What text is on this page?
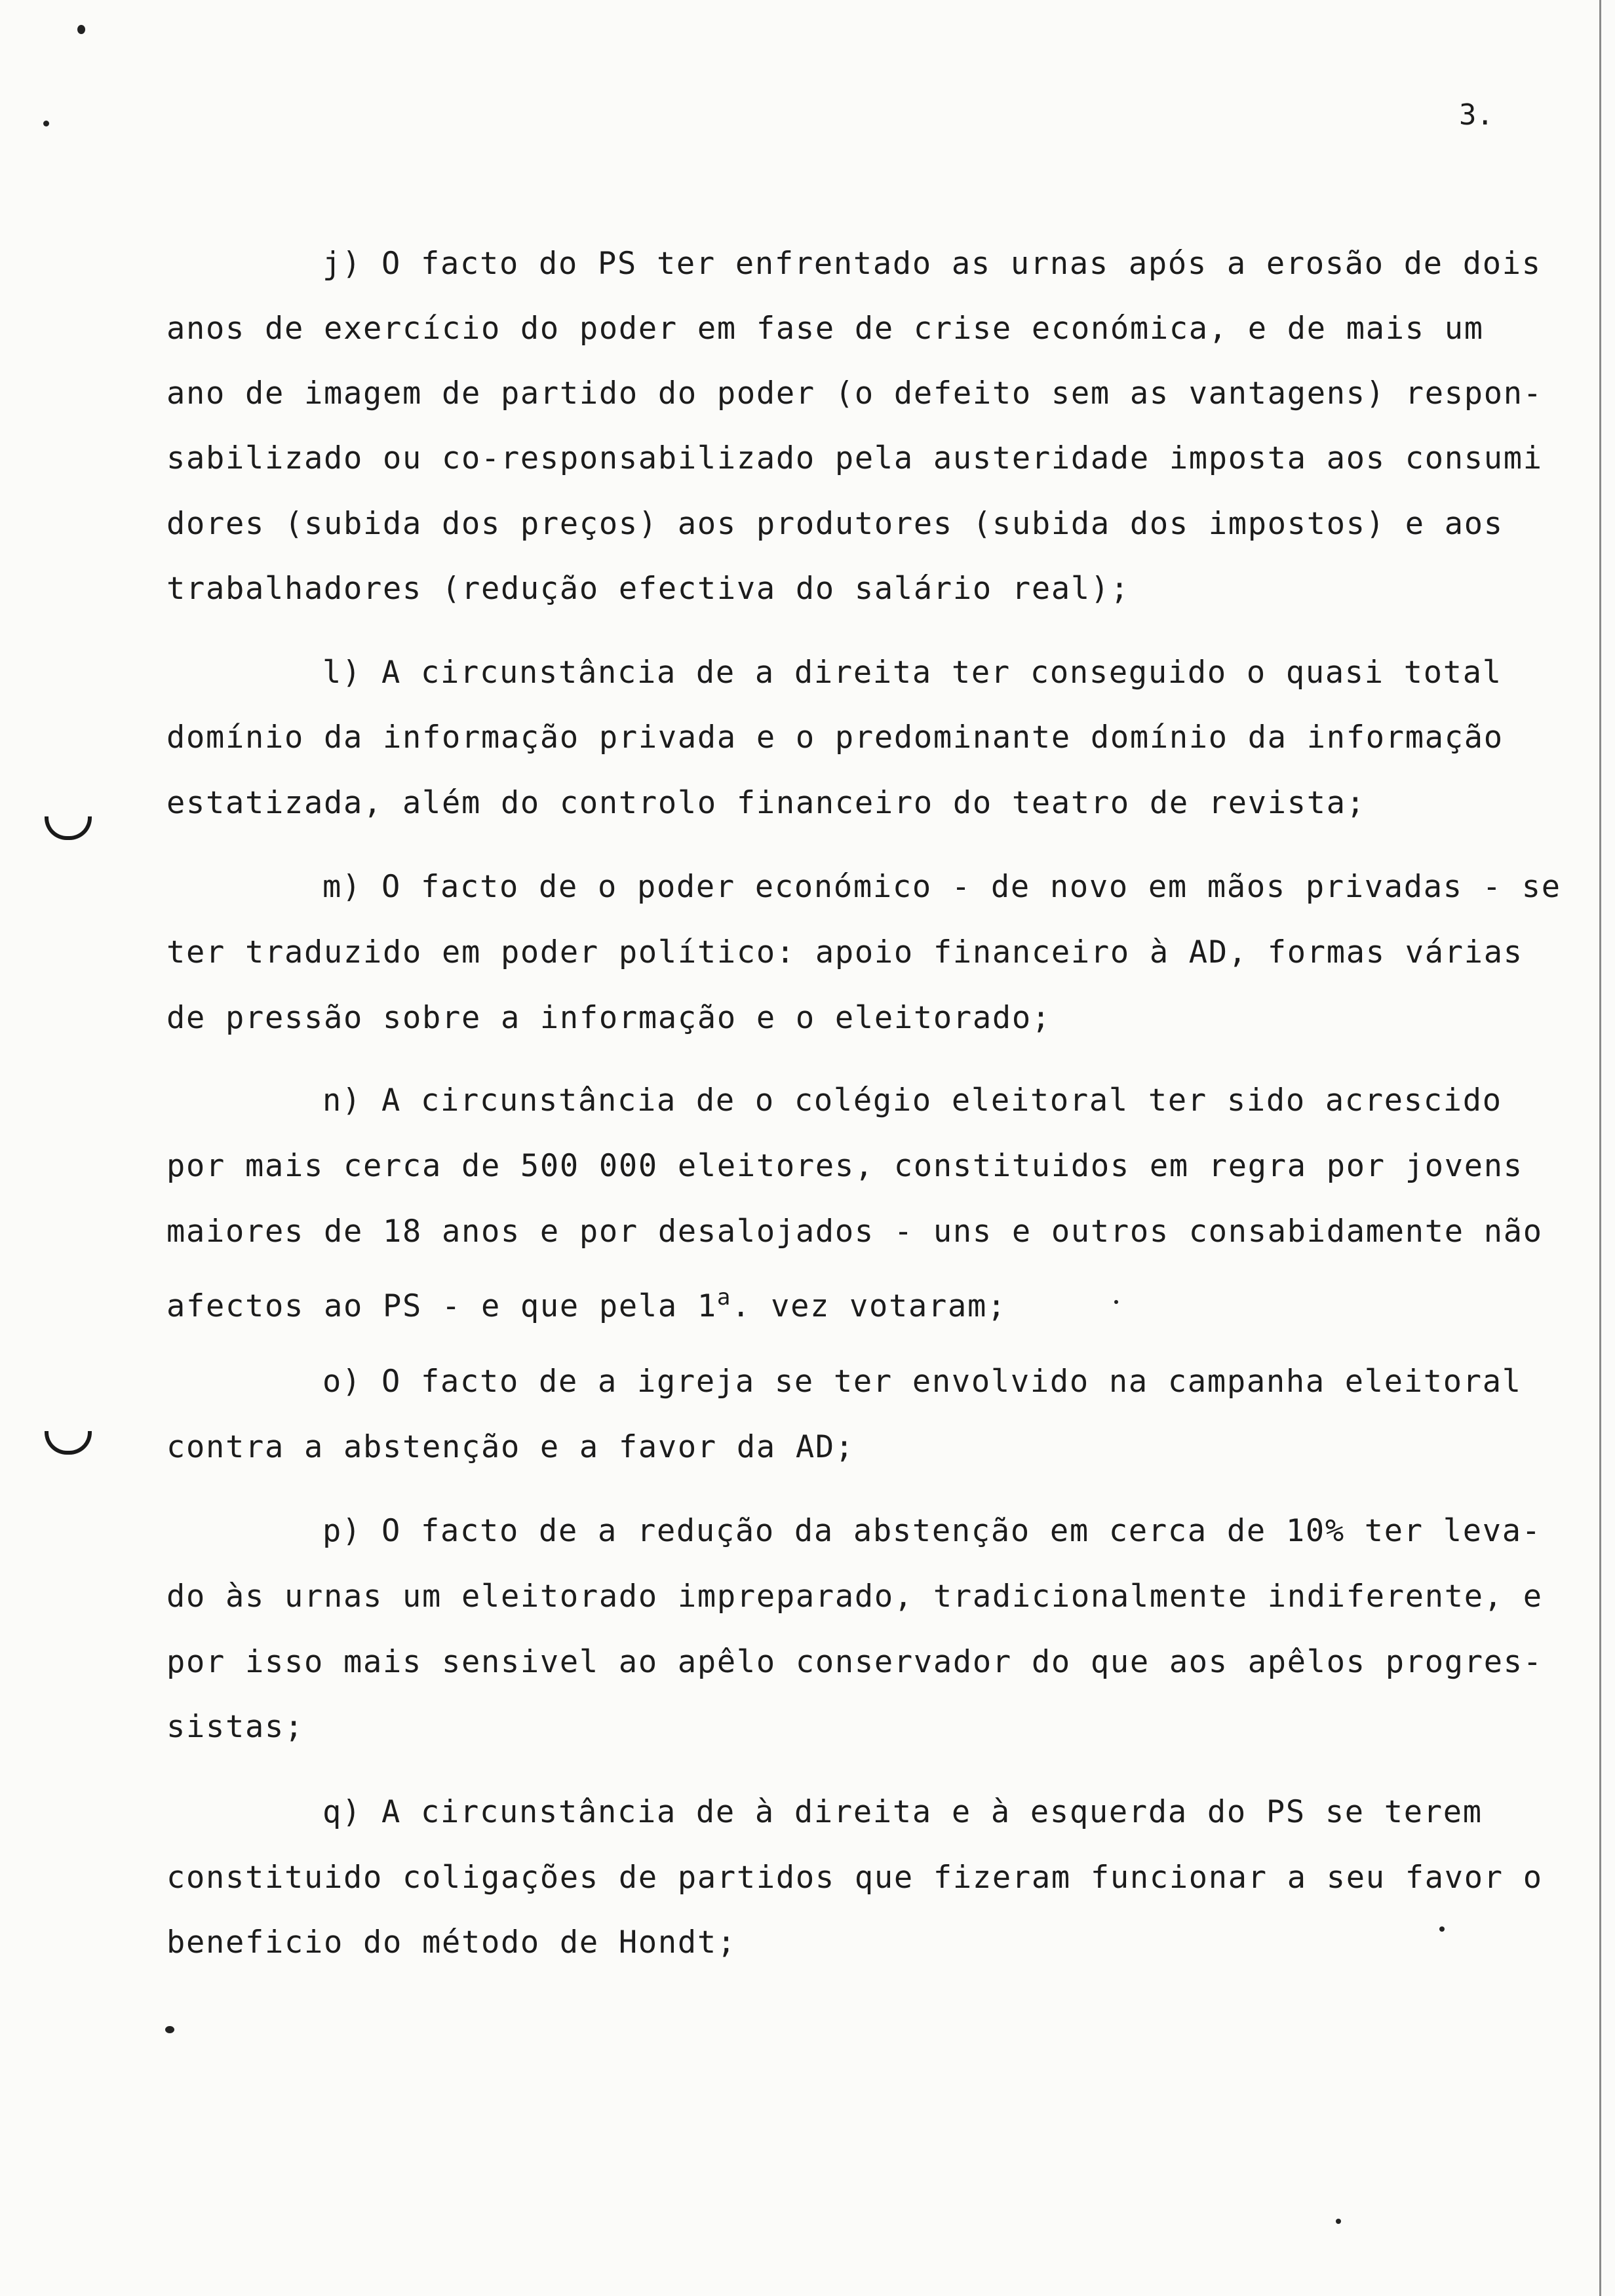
3.
j) O facto do PS ter enfrentado as urnas após a erosão de dois
anos de exercício do poder em fase de crise económica, e de mais um
ano de imagem de partido do poder (o defeito sem as vantagens) respon-
sabilizado ou co-responsabilizado pela austeridade imposta aos consumi
dores (subida dos preços) aos produtores (subida dos impostos) e aos
trabalhadores (redução efectiva do salário real);
l) A circunstância de a direita ter conseguido o quasi total
domínio da informação privada e o predominante domínio da informação
estatizada, além do controlo financeiro do teatro de revista;
m) O facto de o poder económico - de novo em mãos privadas - se
ter traduzido em poder político: apoio financeiro à AD, formas várias
de pressão sobre a informação e o eleitorado;
n) A circunstância de o colégio eleitoral ter sido acrescido
por mais cerca de 500 000 eleitores, constituidos em regra por jovens
maiores de 18 anos e por desalojados - uns e outros consabidamente não
afectos ao PS - e que pela 1$^a$. vez votaram;
o) O facto de a igreja se ter envolvido na campanha eleitoral
contra a abstenção e a favor da AD;
p) O facto de a redução da abstenção em cerca de 10% ter leva-
do às urnas um eleitorado impreparado, tradicionalmente indiferente, e
por isso mais sensivel ao apêlo conservador do que aos apêlos progres-
sistas;
q) A circunstância de à direita e à esquerda do PS se terem
constituido coligações de partidos que fizeram funcionar a seu favor o
beneficio do método de Hondt;
